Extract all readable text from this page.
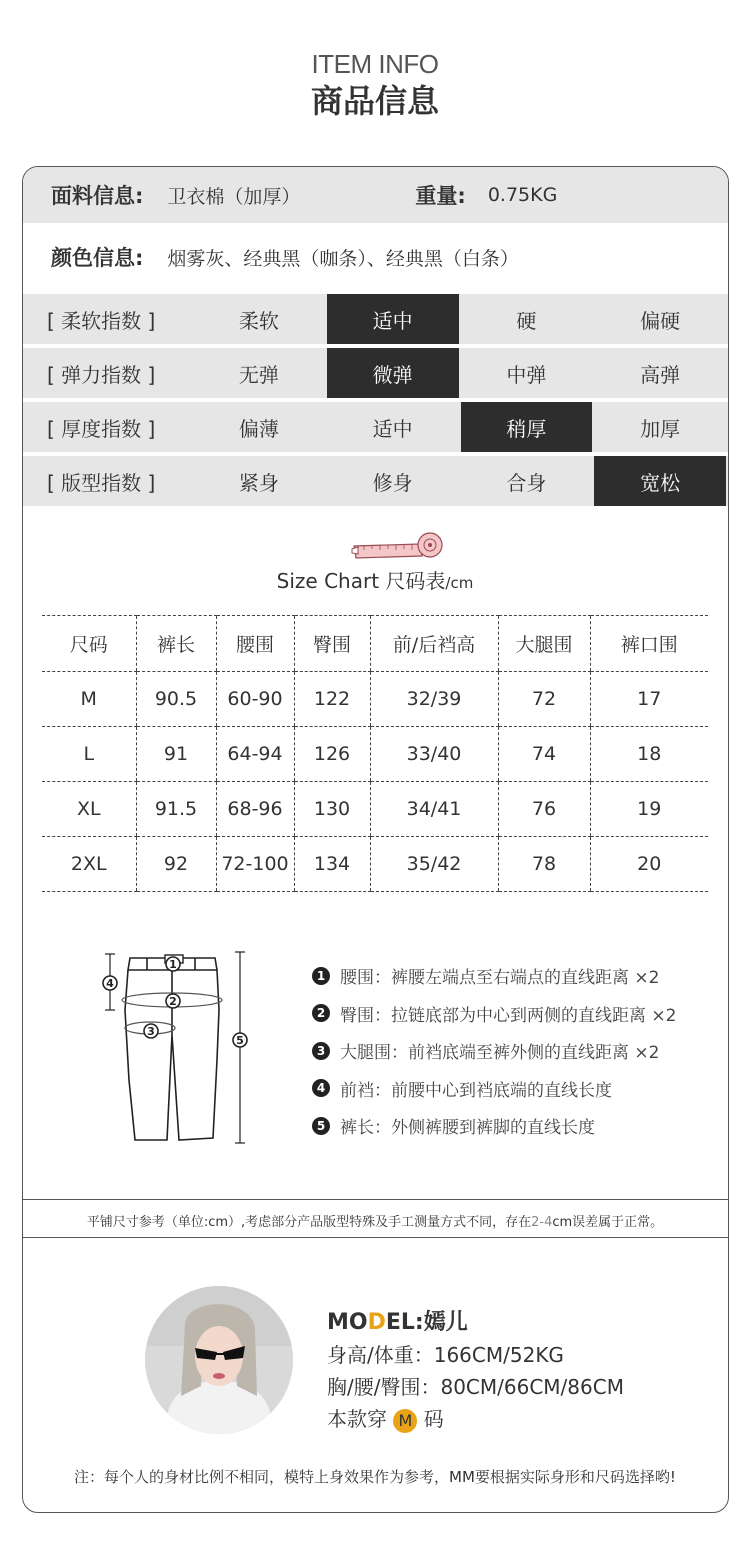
ITEM INFO
商品信息
面料信息: 卫衣棉（加厚）	重量: 0.75KG
颜色信息: 烟雾灰、经典黑（咖条）、经典黑（白条）
[ 柔软指数 ]	柔软	适中	硬	偏硬
[ 弹力指数 ]	无弹	微弹	中弹	高弹
[ 厚度指数 ]	偏薄	适中	稍厚	加厚
[ 版型指数 ]	紧身	修身	合身	宽松
Size Chart 尺码表/cm
尺码	裤长	腰围	臀围	前/后裆高	大腿围	裤口围
M	90.5	60-90	122	32/39	72	17
L	91	64-94	126	33/40	74	18
XL	91.5	68-96	130	34/41	76	19
2XL	92	72-100	134	35/42	78	20
1
2
3
4
5
1 腰围：裤腰左端点至右端点的直线距离 ×2
2 臀围：拉链底部为中心到两侧的直线距离 ×2
3 大腿围：前裆底端至裤外侧的直线距离 ×2
4 前裆：前腰中心到裆底端的直线长度
5 裤长：外侧裤腰到裤脚的直线长度
平铺尺寸参考（单位:cm）,考虑部分产品版型特殊及手工测量方式不同，存在2-4cm误差属于正常。
MODEL:嫣儿
身高/体重：166CM/52KG
胸/腰/臀围：80CM/66CM/86CM
本款穿 M 码
注：每个人的身材比例不相同，模特上身效果作为参考，MM要根据实际身形和尺码选择哟!
